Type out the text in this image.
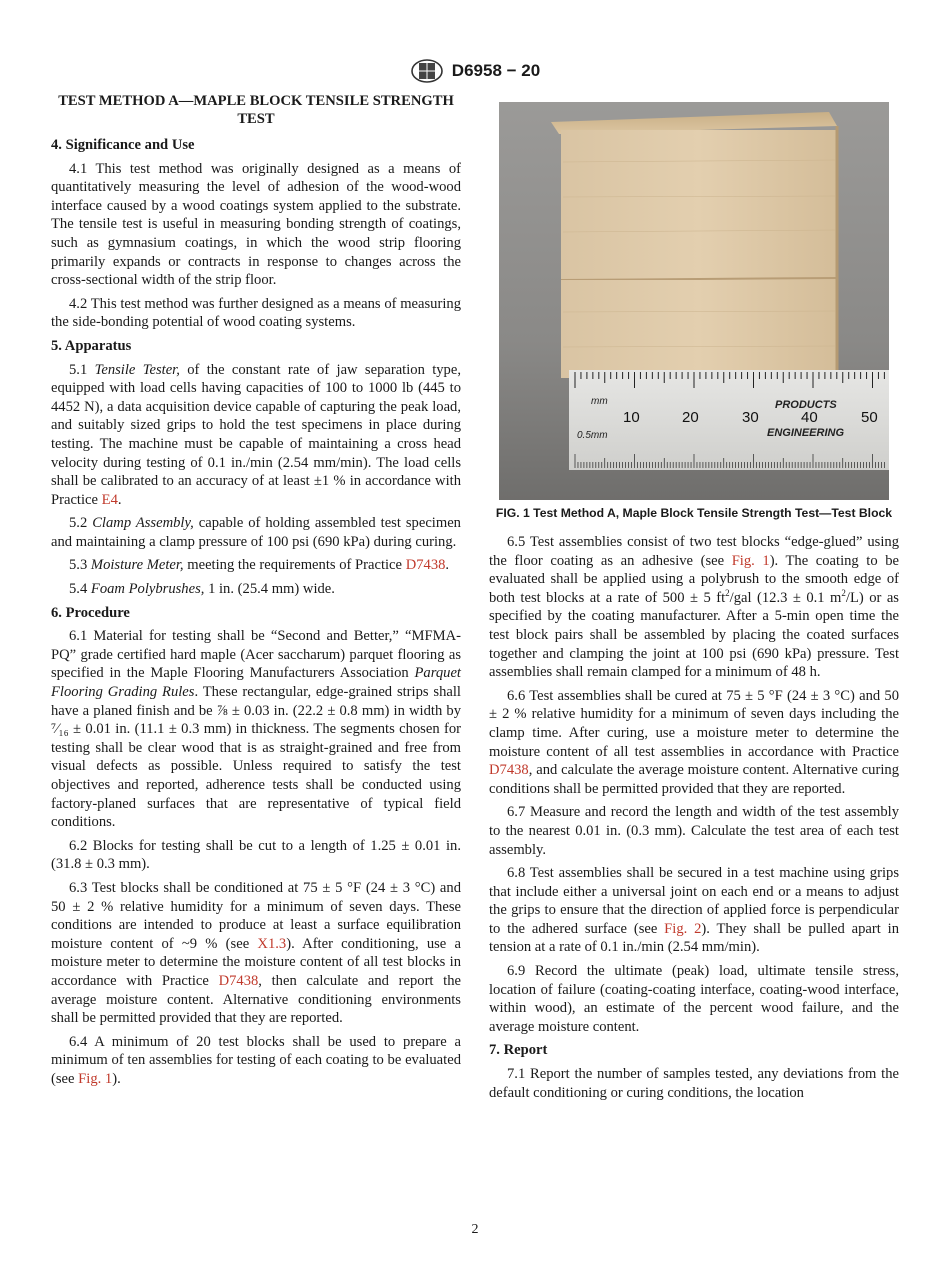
D6958 − 20
TEST METHOD A—MAPLE BLOCK TENSILE STRENGTH TEST
4. Significance and Use

4.1 This test method was originally designed as a means of quantitatively measuring the level of adhesion of the wood-wood interface caused by a wood coatings system applied to the substrate. The tensile test is useful in measuring bonding strength of coatings, such as gymnasium coatings, in which the wood strip flooring primarily expands or contracts in response to changes across the cross-sectional width of the strip floor.

4.2 This test method was further designed as a means of measuring the side-bonding potential of wood coating systems.

5. Apparatus

5.1 Tensile Tester, of the constant rate of jaw separation type, equipped with load cells having capacities of 100 to 1000 lb (445 to 4452 N), a data acquisition device capable of capturing the peak load, and suitably sized grips to hold the test specimens in place during testing. The machine must be capable of maintaining a cross head velocity during testing of 0.1 in./min (2.54 mm/min). The load cells shall be calibrated to an accuracy of at least ±1 % in accordance with Practice E4.

5.2 Clamp Assembly, capable of holding assembled test specimen and maintaining a clamp pressure of 100 psi (690 kPa) during curing.

5.3 Moisture Meter, meeting the requirements of Practice D7438.

5.4 Foam Polybrushes, 1 in. (25.4 mm) wide.

6. Procedure

6.1 Material for testing shall be “Second and Better,” “MFMA-PQ” grade certified hard maple (Acer saccharum) parquet flooring as specified in the Maple Flooring Manufacturers Association Parquet Flooring Grading Rules. These rectangular, edge-grained strips shall have a planed finish and be ⅞ ± 0.03 in. (22.2 ± 0.8 mm) in width by ⁷⁄₁₆ ± 0.01 in. (11.1 ± 0.3 mm) in thickness. The segments chosen for testing shall be clear wood that is as straight-grained and free from visual defects as possible. Unless required to satisfy the test objectives and reported, adherence tests shall be conducted using factory-planed surfaces that are representative of typical field conditions.

6.2 Blocks for testing shall be cut to a length of 1.25 ± 0.01 in. (31.8 ± 0.3 mm).

6.3 Test blocks shall be conditioned at 75 ± 5 °F (24 ± 3 °C) and 50 ± 2 % relative humidity for a minimum of seven days. These conditions are intended to produce at least a surface equilibration moisture content of ~9 % (see X1.3). After conditioning, use a moisture meter to determine the moisture content of all test blocks in accordance with Practice D7438, then calculate and report the average moisture content. Alternative conditioning environments shall be permitted provided that they are reported.

6.4 A minimum of 20 test blocks shall be used to prepare a minimum of ten assemblies for testing of each coating to be evaluated (see Fig. 1).

mm
0.5mm
10	20	30	40	50
PRODUCTS
ENGINEERING
FIG. 1 Test Method A, Maple Block Tensile Strength Test—Test Block

6.5 Test assemblies consist of two test blocks “edge-glued” using the floor coating as an adhesive (see Fig. 1). The coating to be evaluated shall be applied using a polybrush to the smooth edge of both test blocks at a rate of 500 ± 5 $ft^2$/gal (12.3 ± 0.1 $m^2/L$) or as specified by the coating manufacturer. After a 5-min open time the test block pairs shall be assembled by placing the coated surfaces together and clamping the joint at 100 psi (690 kPa) pressure. Test assemblies shall remain clamped for a minimum of 48 h.

6.6 Test assemblies shall be cured at 75 ± 5 °F (24 ± 3 °C) and 50 ± 2 % relative humidity for a minimum of seven days including the clamp time. After curing, use a moisture meter to determine the moisture content of all test assemblies in accordance with Practice D7438, and calculate the average moisture content. Alternative curing conditions shall be permitted provided that they are reported.

6.7 Measure and record the length and width of the test assembly to the nearest 0.01 in. (0.3 mm). Calculate the test area of each test assembly.

6.8 Test assemblies shall be secured in a test machine using grips that include either a universal joint on each end or a means to adjust the grips to ensure that the direction of applied force is perpendicular to the adhered surface (see Fig. 2). They shall be pulled apart in tension at a rate of 0.1 in./min (2.54 mm/min).

6.9 Record the ultimate (peak) load, ultimate tensile stress, location of failure (coating-coating interface, coating-wood interface, within wood), an estimate of the percent wood failure, and the average moisture content.

7. Report

7.1 Report the number of samples tested, any deviations from the default conditioning or curing conditions, the location

2
